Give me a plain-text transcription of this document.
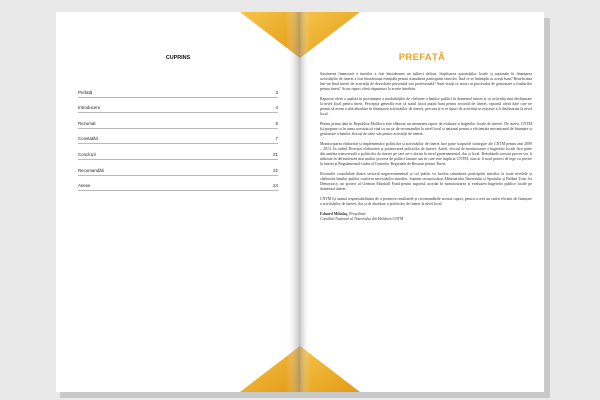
CUPRINS
Prefață	3
Introducere	4
Rezumat	5
Constatări	7
Concluzii	21
Recomandări	22
Anexe	24
PREFAȚĂ

Susținerea financiară a tinerilor a fost întotdeauna un subiect delicat. Implicarea autorităților locale și naționale în finanțarea activităților de tineret a fost întotdeauna esențială pentru stimularea participării tinerilor. Însă ce se întâmplă cu acești bani? Beneficiază într-un final tinerii de activități de dezvoltare personală sau profesională? Sunt vizați ce actori ai procesului de gestionare a fondurilor pentru tineri? Acest raport oferă răspunsuri la aceste întrebări.

Raportul oferă o analiză în profunzime a modalităților de cheltuire a banilor publici în domeniul tineret și ce activități sunt desfășurate la nivel local pentru tineri. Percepția generală este că statul alocă puțini bani pentru sectorul de tineret, raportul oferă date care ne permit să avem o altă abordare în finanțarea activităților de tineret, precum și-n ce tipuri de activități se reușește a fi desfășurate la nivel local.

Pentru prima dată în Republica Moldova este elaborat un asemenea raport de evaluare a bugetelor locale de tineret. De aceea, CNTM își propune ca în urma acestuia să vină cu un șir de recomandări la nivel local și național pentru a eficientiza mecanismul de finanțare și gestionare a banilor alocați de către stat pentru activități de tineret.

Monitorizarea elaborării și implementării politicilor și activităților de tineret face parte scopurile strategice ale CNTM pentru anii 2009 – 2013. În cadrul Direcției elaborarea și promovarea politicilor de tineret. Astfel, efortul de monitorizare a bugetelor locale face parte din analiza transversală a politicilor de tineret pe care ne-o dorim la nivel guvernamental, dar și local. Rezultatele acestui proces vor fi utilizate în definitivarea mai multor procese de politici lansate sau în care este implicat CNTM, cum ar fi noul proiect de lege cu privire la tineret și Regulamentul-cadru al Centrelor Regionale de Resurse pentru Tineri.

Eforturile consolidate dintre sectorul neguvernamental și cel public va facilita stimularea participării tinerilor la toate nivelele și cheltuirea banilor publici conform necesităților tinerilor. Suntem recunoscători Ministerului Tineretului și Sportului și Balkan Trust for Democracy, un proiect al German Marshall Fund pentru suportul acordat în monitorizarea și evaluarea bugetelor publice locale pe domeniul tineret.

CNTM își asumă responsabilitatea de a promova rezultatele și recomandările acestui raport, pentru a crea un cadru eficient de finanțare a activităților de tineret, dar și de abordare a politicilor de tineret la nivel local.

Eduard Mihalaș, Președinte
Consiliul Național al Tineretului din Moldova CNTM
